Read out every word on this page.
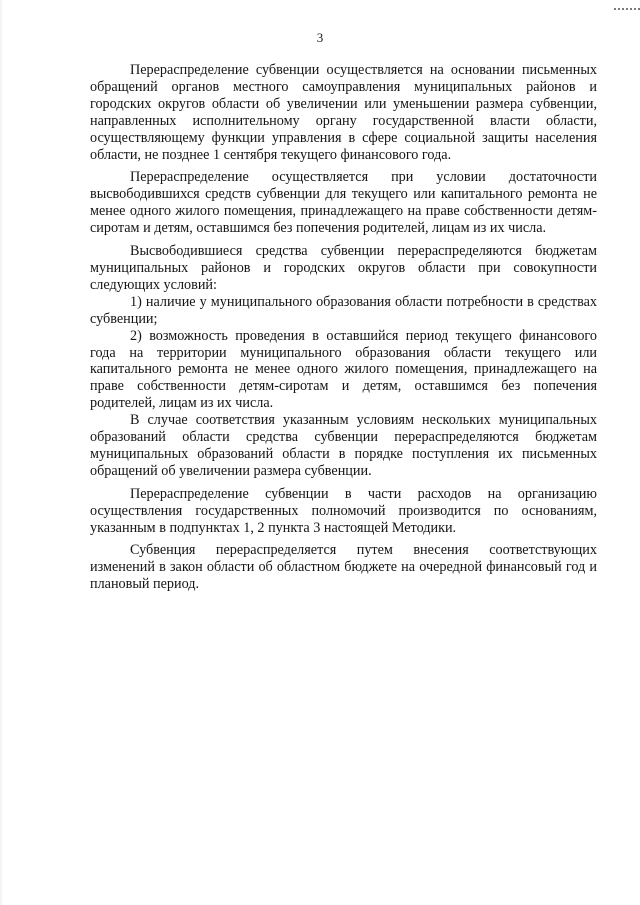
3

Перераспределение субвенции осуществляется на основании письменных обращений органов местного самоуправления муниципальных районов и городских округов области об увеличении или уменьшении размера субвенции, направленных исполнительному органу государственной власти области, осуществляющему функции управления в сфере социальной защиты населения области, не позднее 1 сентября текущего финансового года.

Перераспределение осуществляется при условии достаточности высвободившихся средств субвенции для текущего или капитального ремонта не менее одного жилого помещения, принадлежащего на праве собственности детям-сиротам и детям, оставшимся без попечения родителей, лицам из их числа.

Высвободившиеся средства субвенции перераспределяются бюджетам муниципальных районов и городских округов области при совокупности следующих условий:

1) наличие у муниципального образования области потребности в средствах субвенции;

2) возможность проведения в оставшийся период текущего финансового года на территории муниципального образования области текущего или капитального ремонта не менее одного жилого помещения, принадлежащего на праве собственности детям-сиротам и детям, оставшимся без попечения родителей, лицам из их числа.

В случае соответствия указанным условиям нескольких муниципальных образований области средства субвенции перераспределяются бюджетам муниципальных образований области в порядке поступления их письменных обращений об увеличении размера субвенции.

Перераспределение субвенции в части расходов на организацию осуществления государственных полномочий производится по основаниям, указанным в подпунктах 1, 2 пункта 3 настоящей Методики.

Субвенция перераспределяется путем внесения соответствующих изменений в закон области об областном бюджете на очередной финансовый год и плановый период.
